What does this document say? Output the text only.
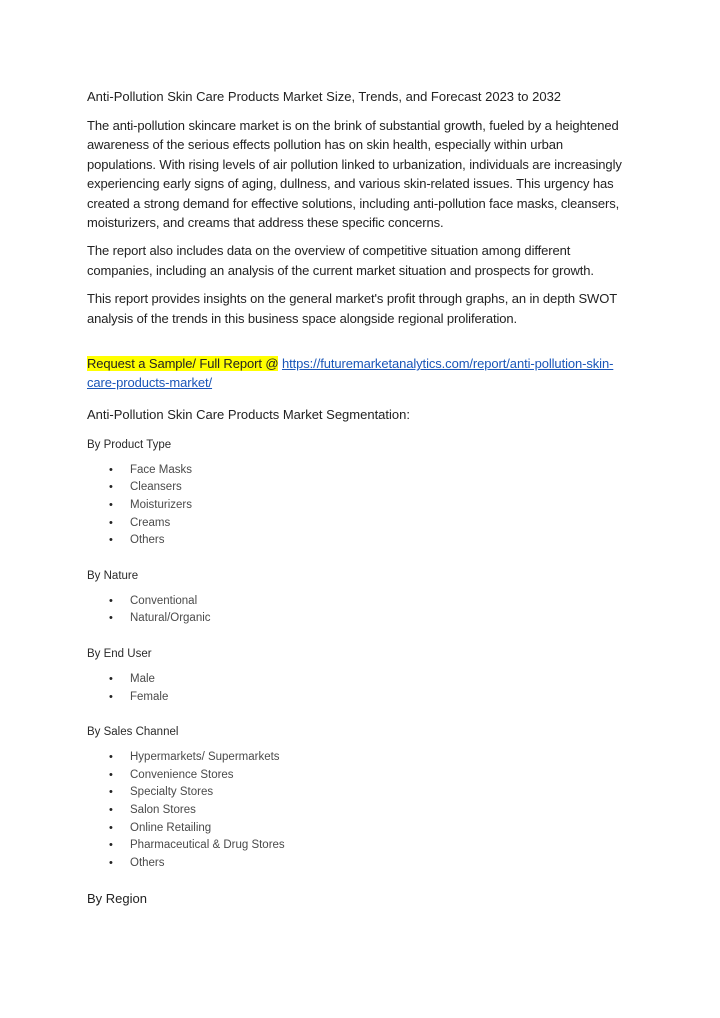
Anti-Pollution Skin Care Products Market Size, Trends, and Forecast 2023 to 2032

The anti-pollution skincare market is on the brink of substantial growth, fueled by a heightened awareness of the serious effects pollution has on skin health, especially within urban populations. With rising levels of air pollution linked to urbanization, individuals are increasingly experiencing early signs of aging, dullness, and various skin-related issues. This urgency has created a strong demand for effective solutions, including anti-pollution face masks, cleansers, moisturizers, and creams that address these specific concerns.

The report also includes data on the overview of competitive situation among different companies, including an analysis of the current market situation and prospects for growth.

This report provides insights on the general market's profit through graphs, an in depth SWOT analysis of the trends in this business space alongside regional proliferation.

Request a Sample/ Full Report @ https://futuremarketanalytics.com/report/anti-pollution-skin-care-products-market/

Anti-Pollution Skin Care Products Market Segmentation:
By Product Type
• Face Masks
• Cleansers
• Moisturizers
• Creams
• Others
By Nature
• Conventional
• Natural/Organic
By End User
• Male
• Female
By Sales Channel
• Hypermarkets/ Supermarkets
• Convenience Stores
• Specialty Stores
• Salon Stores
• Online Retailing
• Pharmaceutical & Drug Stores
• Others
By Region
